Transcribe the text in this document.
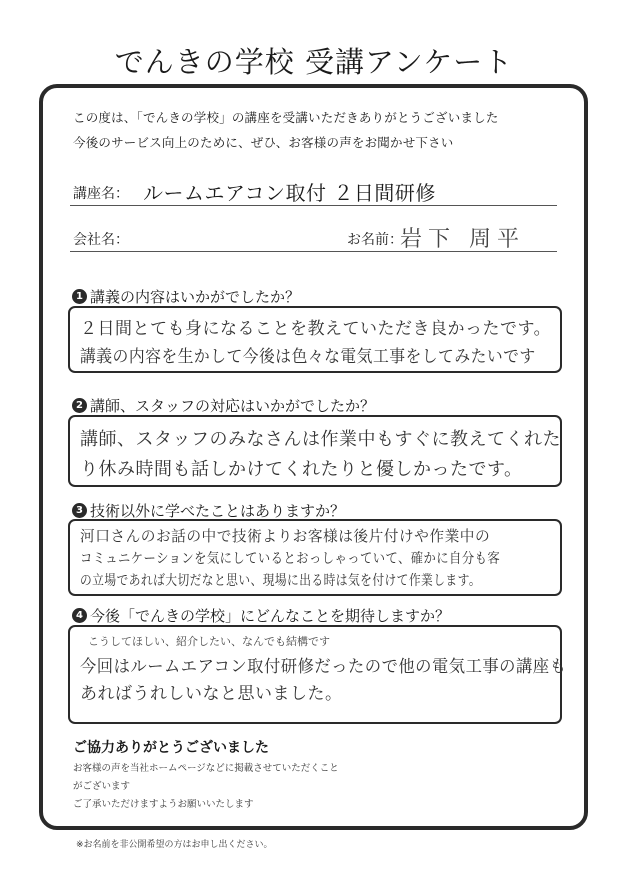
でんきの学校 受講アンケート
この度は、「でんきの学校」の講座を受講いただきありがとうございました
今後のサービス向上のために、ぜひ、お客様の声をお聞かせ下さい
講座名： ルームエアコン取付 ２日間研修
会社名：	お名前：
岩下 周平
1 講義の内容はいかがでしたか？
２日間とても身になることを教えていただき良かったです。
講義の内容を生かして今後は色々な電気工事をしてみたいです
2 講師、スタッフの対応はいかがでしたか？
講師、スタッフのみなさんは作業中もすぐに教えてくれた
り休み時間も話しかけてくれたりと優しかったです。
3 技術以外に学べたことはありますか？
河口さんのお話の中で技術よりお客様は後片付けや作業中の
コミュニケーションを気にしているとおっしゃっていて、確かに自分も客
の立場であれば大切だなと思い、現場に出る時は気を付けて作業します。
4 今後「でんきの学校」にどんなことを期待しますか？
こうしてほしい、紹介したい、なんでも結構です
今回はルームエアコン取付研修だったので他の電気工事の講座も
あればうれしいなと思いました。
ご協力ありがとうございました
お客様の声を当社ホームページなどに掲載させていただくこと
がございます
ご了承いただけますようお願いいたします
※お名前を非公開希望の方はお申し出ください。
